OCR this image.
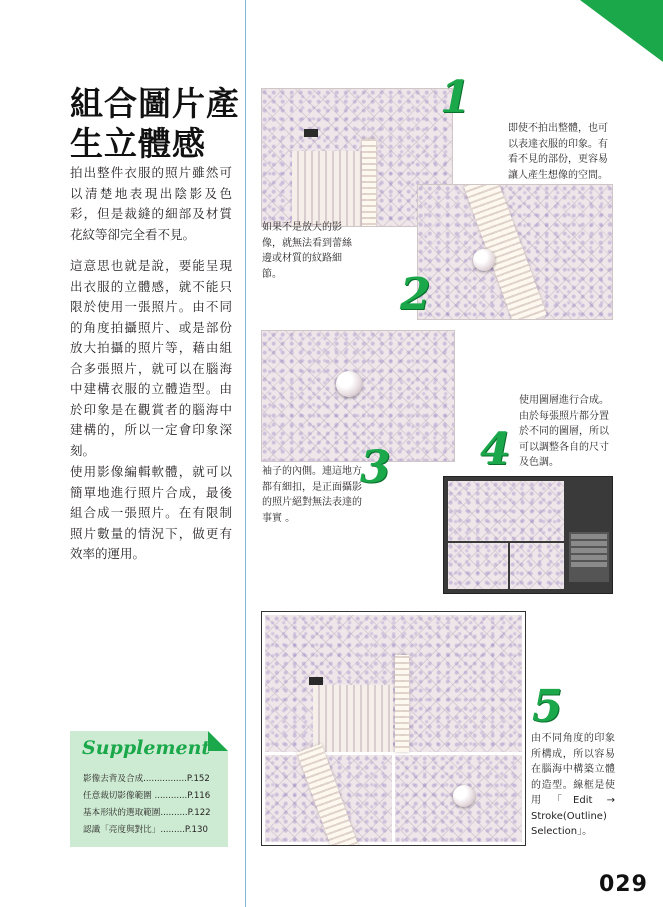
組合圖片產
生立體感
拍出整件衣服的照片雖然可以清楚地表現出陰影及色彩，但是裁縫的細部及材質花紋等卻完全看不見。
這意思也就是說，要能呈現出衣服的立體感，就不能只限於使用一張照片。由不同的角度拍攝照片、或是部份放大拍攝的照片等，藉由組合多張照片，就可以在腦海中建構衣服的立體造型。由於印象是在觀賞者的腦海中建構的，所以一定會印象深刻。
使用影像編輯軟體，就可以簡單地進行照片合成，最後組合成一張照片。在有限制照片數量的情況下，做更有效率的運用。
1
2
3 4
5
即使不拍出整體，也可以表達衣服的印象。有看不見的部份，更容易讓人產生想像的空間。
如果不是放大的影像，就無法看到蕾絲邊或材質的紋路細節。
袖子的內側。連這地方都有細扣，是正面攝影的照片絕對無法表達的事實 。
使用圖層進行合成。由於每張照片都分置於不同的圖層，所以可以調整各自的尺寸及色調。
由不同角度的印象所構成，所以容易在腦海中構築立體的造型。線框是使用「Edit → Stroke(Outline) Selection」。
Supplement
影像去背及合成................P.152
任意裁切影像範圍 ............P.116
基本形狀的選取範圍..........P.122
認識「亮度與對比」.........P.130
029
